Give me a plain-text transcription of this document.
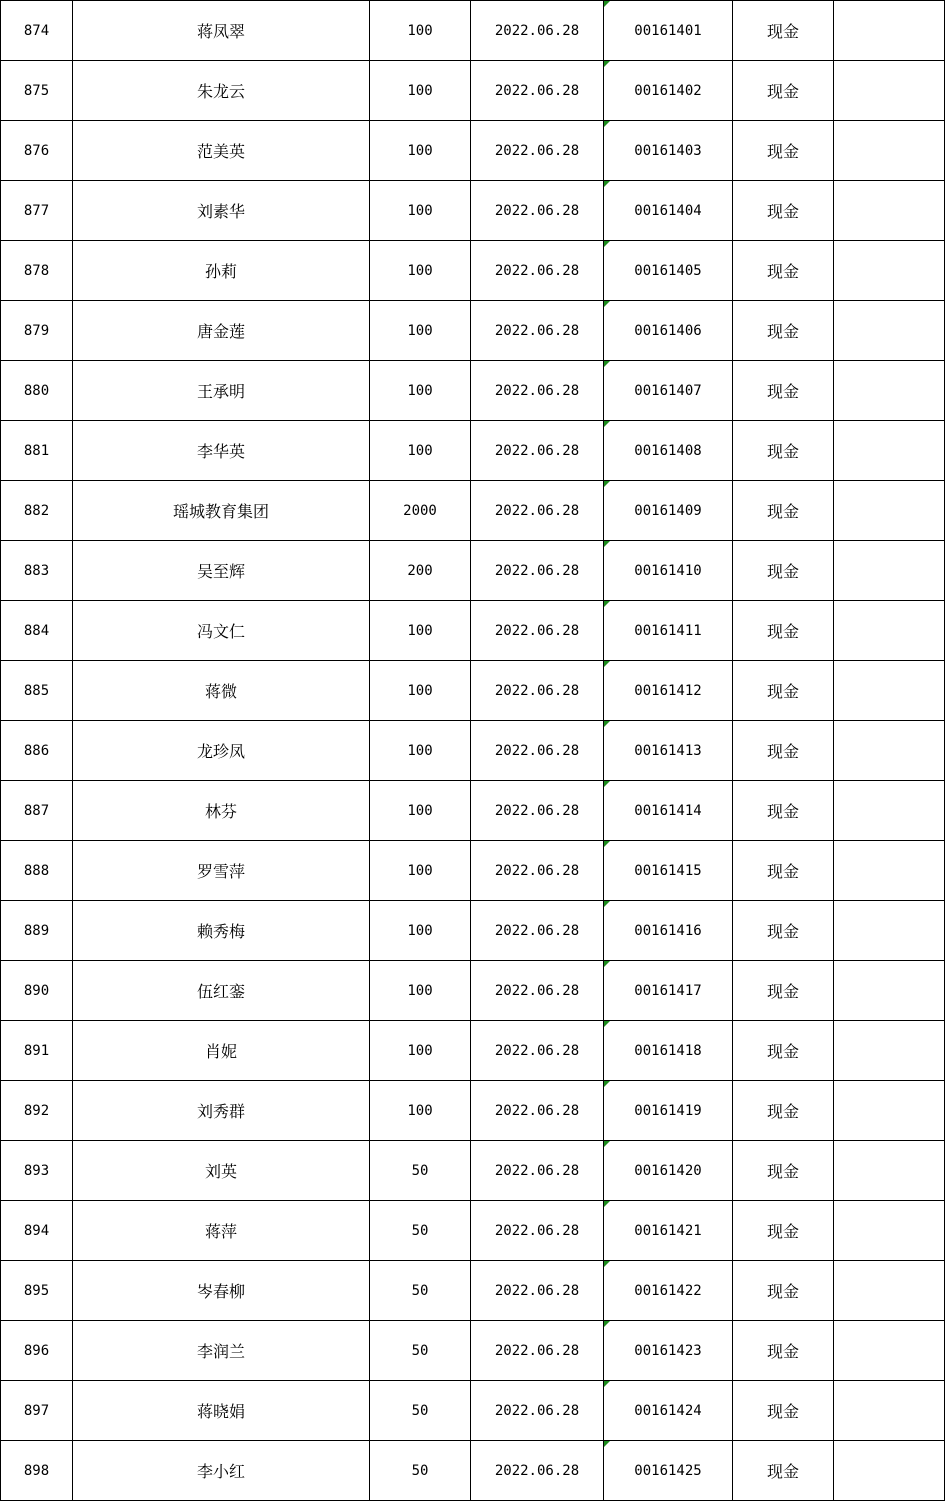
874	蒋凤翠	100	2022.06.28	00161401	现金	
875	朱龙云	100	2022.06.28	00161402	现金	
876	范美英	100	2022.06.28	00161403	现金	
877	刘素华	100	2022.06.28	00161404	现金	
878	孙莉	100	2022.06.28	00161405	现金	
879	唐金莲	100	2022.06.28	00161406	现金	
880	王承明	100	2022.06.28	00161407	现金	
881	李华英	100	2022.06.28	00161408	现金	
882	瑶城教育集团	2000	2022.06.28	00161409	现金	
883	吴至辉	200	2022.06.28	00161410	现金	
884	冯文仁	100	2022.06.28	00161411	现金	
885	蒋微	100	2022.06.28	00161412	现金	
886	龙珍凤	100	2022.06.28	00161413	现金	
887	林芬	100	2022.06.28	00161414	现金	
888	罗雪萍	100	2022.06.28	00161415	现金	
889	赖秀梅	100	2022.06.28	00161416	现金	
890	伍红銮	100	2022.06.28	00161417	现金	
891	肖妮	100	2022.06.28	00161418	现金	
892	刘秀群	100	2022.06.28	00161419	现金	
893	刘英	50	2022.06.28	00161420	现金	
894	蒋萍	50	2022.06.28	00161421	现金	
895	岑春柳	50	2022.06.28	00161422	现金	
896	李润兰	50	2022.06.28	00161423	现金	
897	蒋晓娟	50	2022.06.28	00161424	现金	
898	李小红	50	2022.06.28	00161425	现金	
